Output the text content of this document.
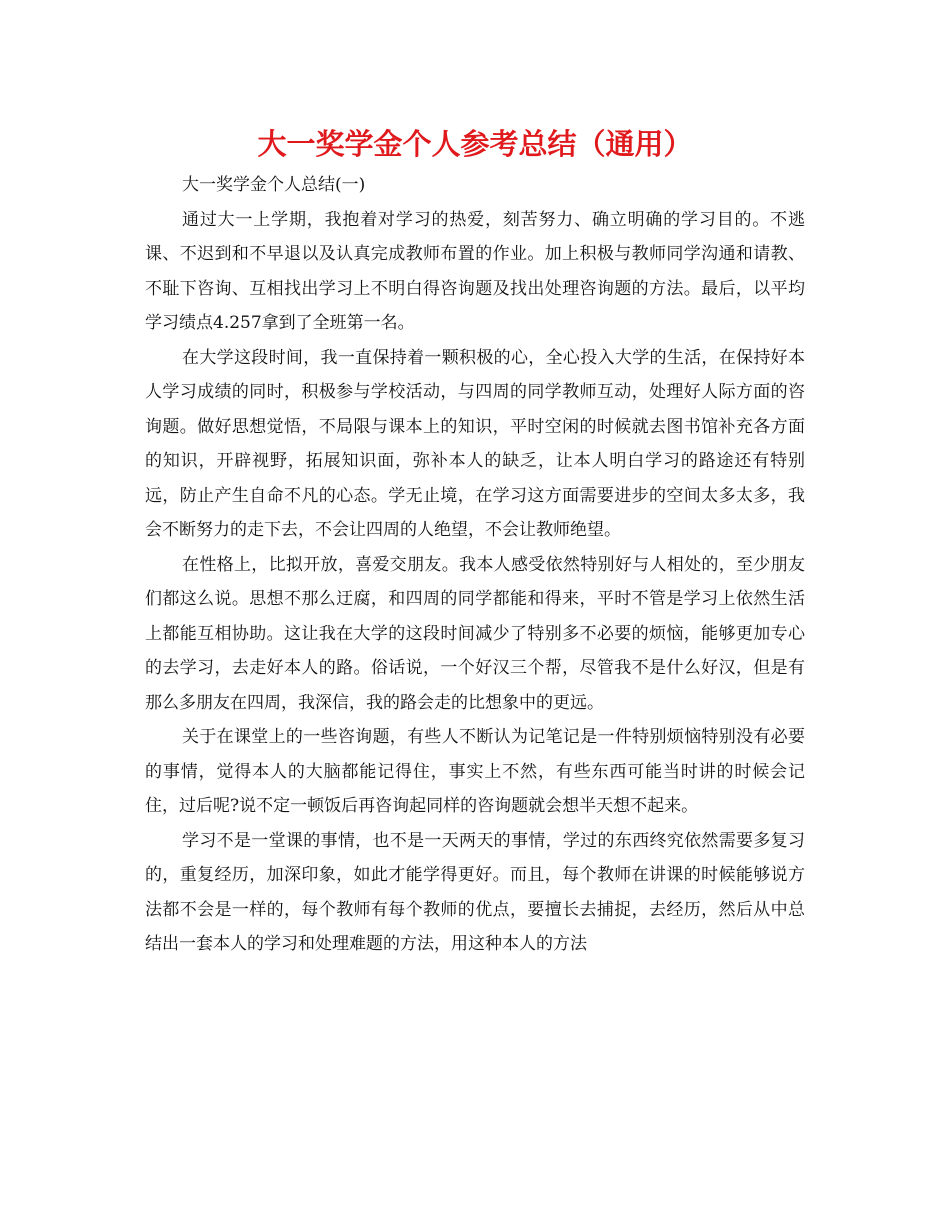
大一奖学金个人参考总结（通用）

大一奖学金个人总结(一)

通过大一上学期，我抱着对学习的热爱，刻苦努力、确立明确的学习目的。不逃课、不迟到和不早退以及认真完成教师布置的作业。加上积极与教师同学沟通和请教、不耻下咨询、互相找出学习上不明白得咨询题及找出处理咨询题的方法。最后，以平均学习绩点4.257拿到了全班第一名。

在大学这段时间，我一直保持着一颗积极的心，全心投入大学的生活，在保持好本人学习成绩的同时，积极参与学校活动，与四周的同学教师互动，处理好人际方面的咨询题。做好思想觉悟，不局限与课本上的知识，平时空闲的时候就去图书馆补充各方面的知识，开辟视野，拓展知识面，弥补本人的缺乏，让本人明白学习的路途还有特别远，防止产生自命不凡的心态。学无止境，在学习这方面需要进步的空间太多太多，我会不断努力的走下去，不会让四周的人绝望，不会让教师绝望。

在性格上，比拟开放，喜爱交朋友。我本人感受依然特别好与人相处的，至少朋友们都这么说。思想不那么迂腐，和四周的同学都能和得来，平时不管是学习上依然生活上都能互相协助。这让我在大学的这段时间减少了特别多不必要的烦恼，能够更加专心的去学习，去走好本人的路。俗话说，一个好汉三个帮，尽管我不是什么好汉，但是有那么多朋友在四周，我深信，我的路会走的比想象中的更远。

关于在课堂上的一些咨询题，有些人不断认为记笔记是一件特别烦恼特别没有必要的事情，觉得本人的大脑都能记得住，事实上不然，有些东西可能当时讲的时候会记住，过后呢?说不定一顿饭后再咨询起同样的咨询题就会想半天想不起来。

学习不是一堂课的事情，也不是一天两天的事情，学过的东西终究依然需要多复习的，重复经历，加深印象，如此才能学得更好。而且，每个教师在讲课的时候能够说方法都不会是一样的，每个教师有每个教师的优点，要擅长去捕捉，去经历，然后从中总结出一套本人的学习和处理难题的方法，用这种本人的方法
